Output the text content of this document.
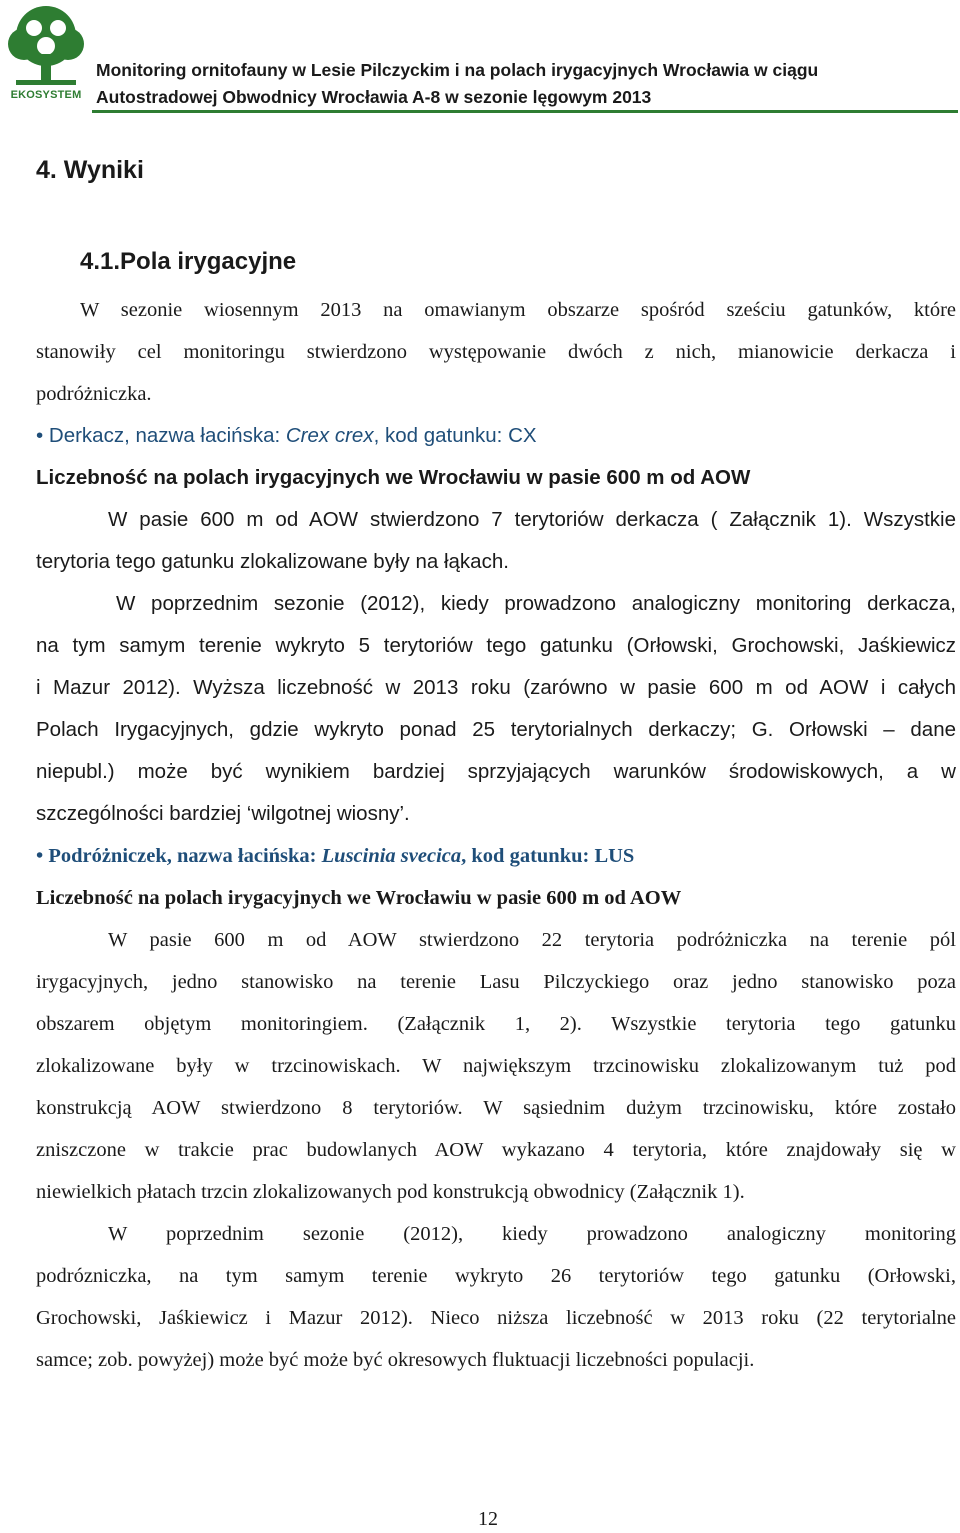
EKOSYSTEM
Monitoring ornitofauny w Lesie Pilczyckim i na polach irygacyjnych Wrocławia w ciągu
Autostradowej Obwodnicy Wrocławia A-8 w sezonie lęgowym 2013
4. Wyniki
4.1.Pola irygacyjne
W sezonie wiosennym 2013 na omawianym obszarze spośród sześciu gatunków, które
stanowiły cel monitoringu stwierdzono występowanie dwóch z nich, mianowicie derkacza i
podróżniczka.
• Derkacz, nazwa łacińska: Crex crex, kod gatunku: CX
Liczebność na polach irygacyjnych we Wrocławiu w pasie 600 m od AOW
W pasie 600 m od AOW stwierdzono 7 terytoriów derkacza ( Załącznik 1). Wszystkie
terytoria tego gatunku zlokalizowane były na łąkach.
W poprzednim sezonie (2012), kiedy prowadzono analogiczny monitoring derkacza,
na tym samym terenie wykryto 5 terytoriów tego gatunku (Orłowski, Grochowski, Jaśkiewicz
i Mazur 2012). Wyższa liczebność w 2013 roku (zarówno w pasie 600 m od AOW i całych
Polach Irygacyjnych, gdzie wykryto ponad 25 terytorialnych derkaczy; G. Orłowski – dane
niepubl.) może być wynikiem bardziej sprzyjających warunków środowiskowych, a w
szczególności bardziej ‘wilgotnej wiosny’.
• Podróżniczek, nazwa łacińska: Luscinia svecica, kod gatunku: LUS
Liczebność na polach irygacyjnych we Wrocławiu w pasie 600 m od AOW
W pasie 600 m od AOW stwierdzono 22 terytoria podróżniczka na terenie pól
irygacyjnych, jedno stanowisko na terenie Lasu Pilczyckiego oraz jedno stanowisko poza
obszarem objętym monitoringiem. (Załącznik 1, 2). Wszystkie terytoria tego gatunku
zlokalizowane były w trzcinowiskach. W największym trzcinowisku zlokalizowanym tuż pod
konstrukcją AOW stwierdzono 8 terytoriów. W sąsiednim dużym trzcinowisku, które zostało
zniszczone w trakcie prac budowlanych AOW wykazano 4 terytoria, które znajdowały się w
niewielkich płatach trzcin zlokalizowanych pod konstrukcją obwodnicy (Załącznik 1).
W poprzednim sezonie (2012), kiedy prowadzono analogiczny monitoring
podrózniczka, na tym samym terenie wykryto 26 terytoriów tego gatunku (Orłowski,
Grochowski, Jaśkiewicz i Mazur 2012). Nieco niższa liczebność w 2013 roku (22 terytorialne
samce; zob. powyżej) może być może być okresowych fluktuacji liczebności populacji.
12
